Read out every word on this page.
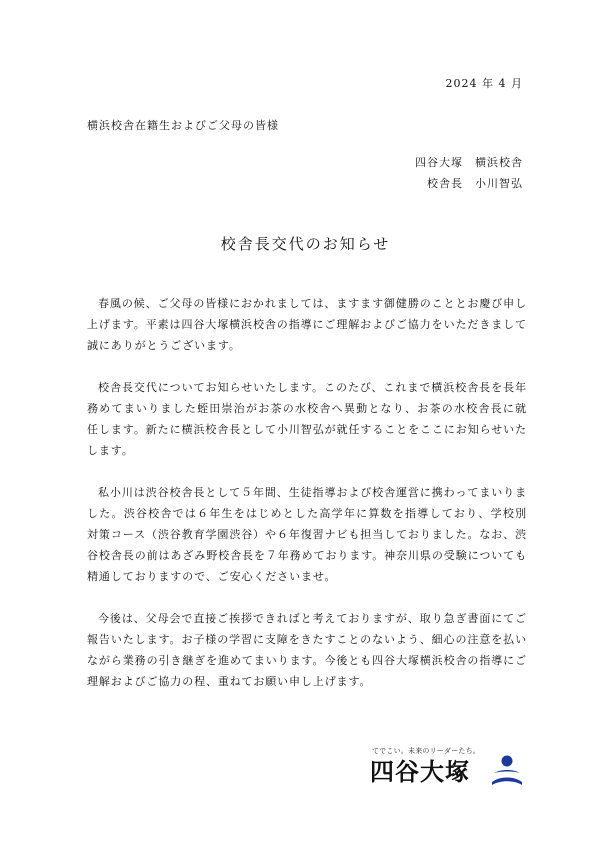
2024 年 4 月
横浜校舎在籍生およびご父母の皆様
四谷大塚　横浜校舎
校舎長　小川智弘
校舎長交代のお知らせ

春風の候、ご父母の皆様におかれましては、ますます御健勝のこととお慶び申し上げます。平素は四谷大塚横浜校舎の指導にご理解およびご協力をいただきまして誠にありがとうございます。

校舎長交代についてお知らせいたします。このたび、これまで横浜校舎長を長年務めてまいりました蛭田崇治がお茶の水校舎へ異動となり、お茶の水校舎長に就任します。新たに横浜校舎長として小川智弘が就任することをここにお知らせいたします。

私小川は渋谷校舎長として５年間、生徒指導および校舎運営に携わってまいりました。渋谷校舎では６年生をはじめとした高学年に算数を指導しており、学校別対策コース（渋谷教育学園渋谷）や６年復習ナビも担当しておりました。なお、渋谷校舎長の前はあざみ野校舎長を７年務めております。神奈川県の受験についても精通しておりますので、ご安心くださいませ。

今後は、父母会で直接ご挨拶できればと考えておりますが、取り急ぎ書面にてご報告いたします。お子様の学習に支障をきたすことのないよう、細心の注意を払いながら業務の引き継ぎを進めてまいります。今後とも四谷大塚横浜校舎の指導にご理解およびご協力の程、重ねてお願い申し上げます。

てでこい。未来のリーダーたち。
四谷大塚
